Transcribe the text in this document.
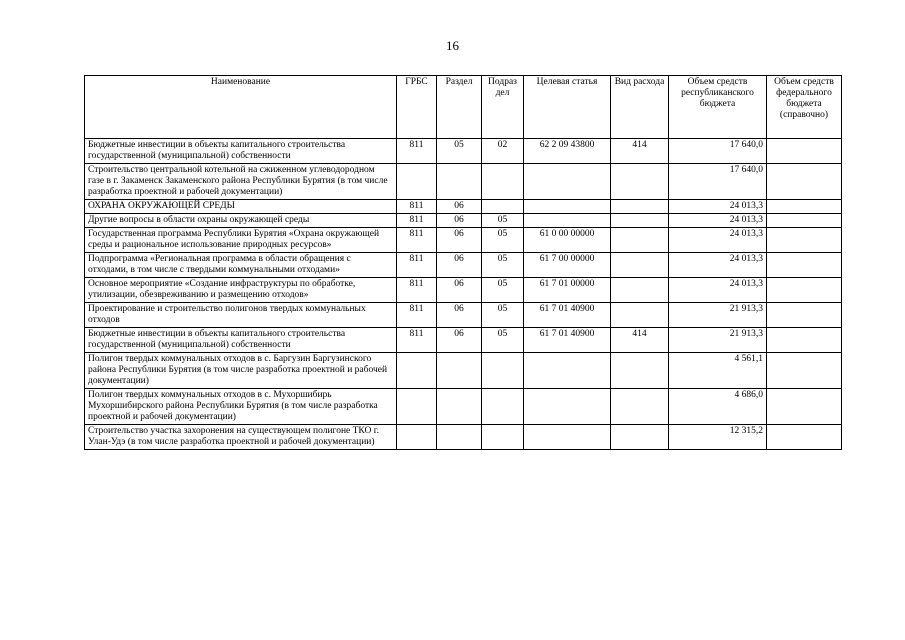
16
Наименование	ГРБС	Раздел	Подраз дел	Целевая статья	Вид расхода	Объем средств республиканского бюджета	Объем средств федерального бюджета (справочно)
Бюджетные инвестиции в объекты капитального строительства государственной (муниципальной) собственности	811	05	02	62 2 09 43800	414	17 640,0	
Строительство центральной котельной на сжиженном углеводородном газе в г. Закаменск Закаменского района Республики Бурятия (в том числе разработка проектной и рабочей документации)						17 640,0	
ОХРАНА ОКРУЖАЮЩЕЙ СРЕДЫ	811	06				24 013,3	
Другие вопросы в области охраны окружающей среды	811	06	05			24 013,3	
Государственная программа Республики Бурятия «Охрана окружающей среды и рациональное использование природных ресурсов»	811	06	05	61 0 00 00000		24 013,3	
Подпрограмма «Региональная программа в области обращения с отходами, в том числе с твердыми коммунальными отходами»	811	06	05	61 7 00 00000		24 013,3	
Основное мероприятие «Создание инфраструктуры по обработке, утилизации, обезвреживанию и размещению отходов»	811	06	05	61 7 01 00000		24 013,3	
Проектирование и строительство полигонов твердых коммунальных отходов	811	06	05	61 7 01 40900		21 913,3	
Бюджетные инвестиции в объекты капитального строительства государственной (муниципальной) собственности	811	06	05	61 7 01 40900	414	21 913,3	
Полигон твердых коммунальных отходов в с. Баргузин Баргузинского района Республики Бурятия (в том числе разработка проектной и рабочей документации)						4 561,1	
Полигон твердых коммунальных отходов в с. Мухоршибирь Мухоршибирского района Республики Бурятия (в том числе разработка проектной и рабочей документации)						4 686,0	
Строительство участка захоронения на существующем полигоне ТКО г. Улан-Удэ (в том числе разработка проектной и рабочей документации)						12 315,2	
